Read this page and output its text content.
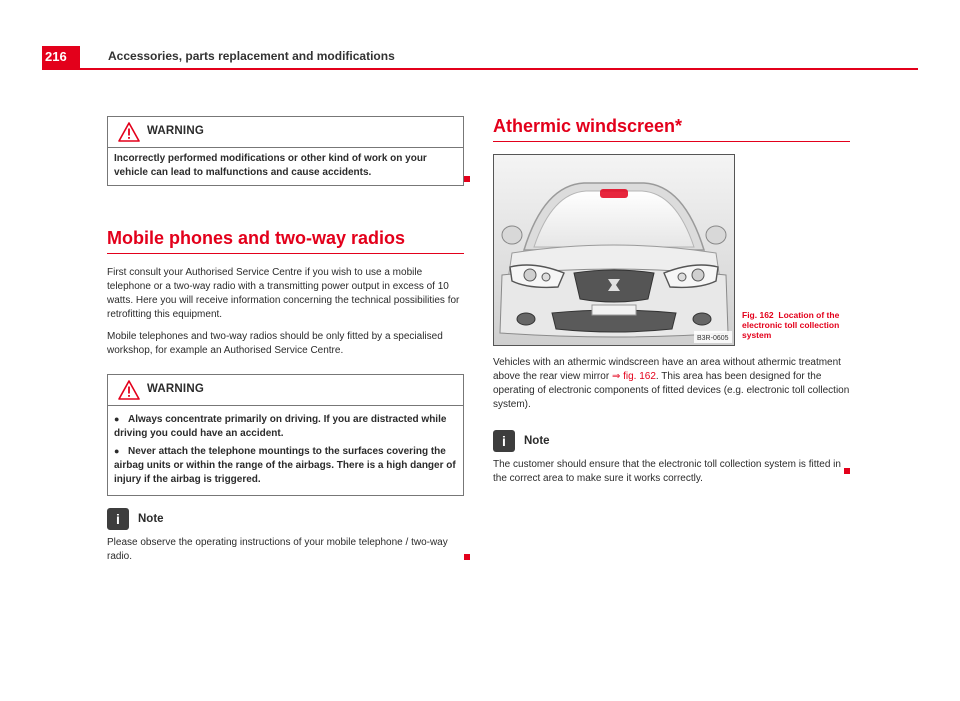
216	Accessories, parts replacement and modifications
WARNING
Incorrectly performed modifications or other kind of work on your vehicle can lead to malfunctions and cause accidents.
Mobile phones and two-way radios

First consult your Authorised Service Centre if you wish to use a mobile telephone or a two-way radio with a transmitting power output in excess of 10 watts. Here you will receive information concerning the technical possibilities for retrofitting this equipment.

Mobile telephones and two-way radios should be only fitted by a specialised workshop, for example an Authorised Service Centre.

WARNING
● Always concentrate primarily on driving. If you are distracted while driving you could have an accident.
● Never attach the telephone mountings to the surfaces covering the airbag units or within the range of the airbags. There is a high danger of injury if the airbag is triggered.
i	Note

Please observe the operating instructions of your mobile telephone / two-way radio.

Athermic windscreen*
B3R-0605
Fig. 162 Location of the electronic toll collection system

Vehicles with an athermic windscreen have an area without athermic treatment above the rear view mirror ⇒ fig. 162. This area has been designed for the operating of electronic components of fitted devices (e.g. electronic toll collection system).

i	Note

The customer should ensure that the electronic toll collection system is fitted in the correct area to make sure it works correctly.
